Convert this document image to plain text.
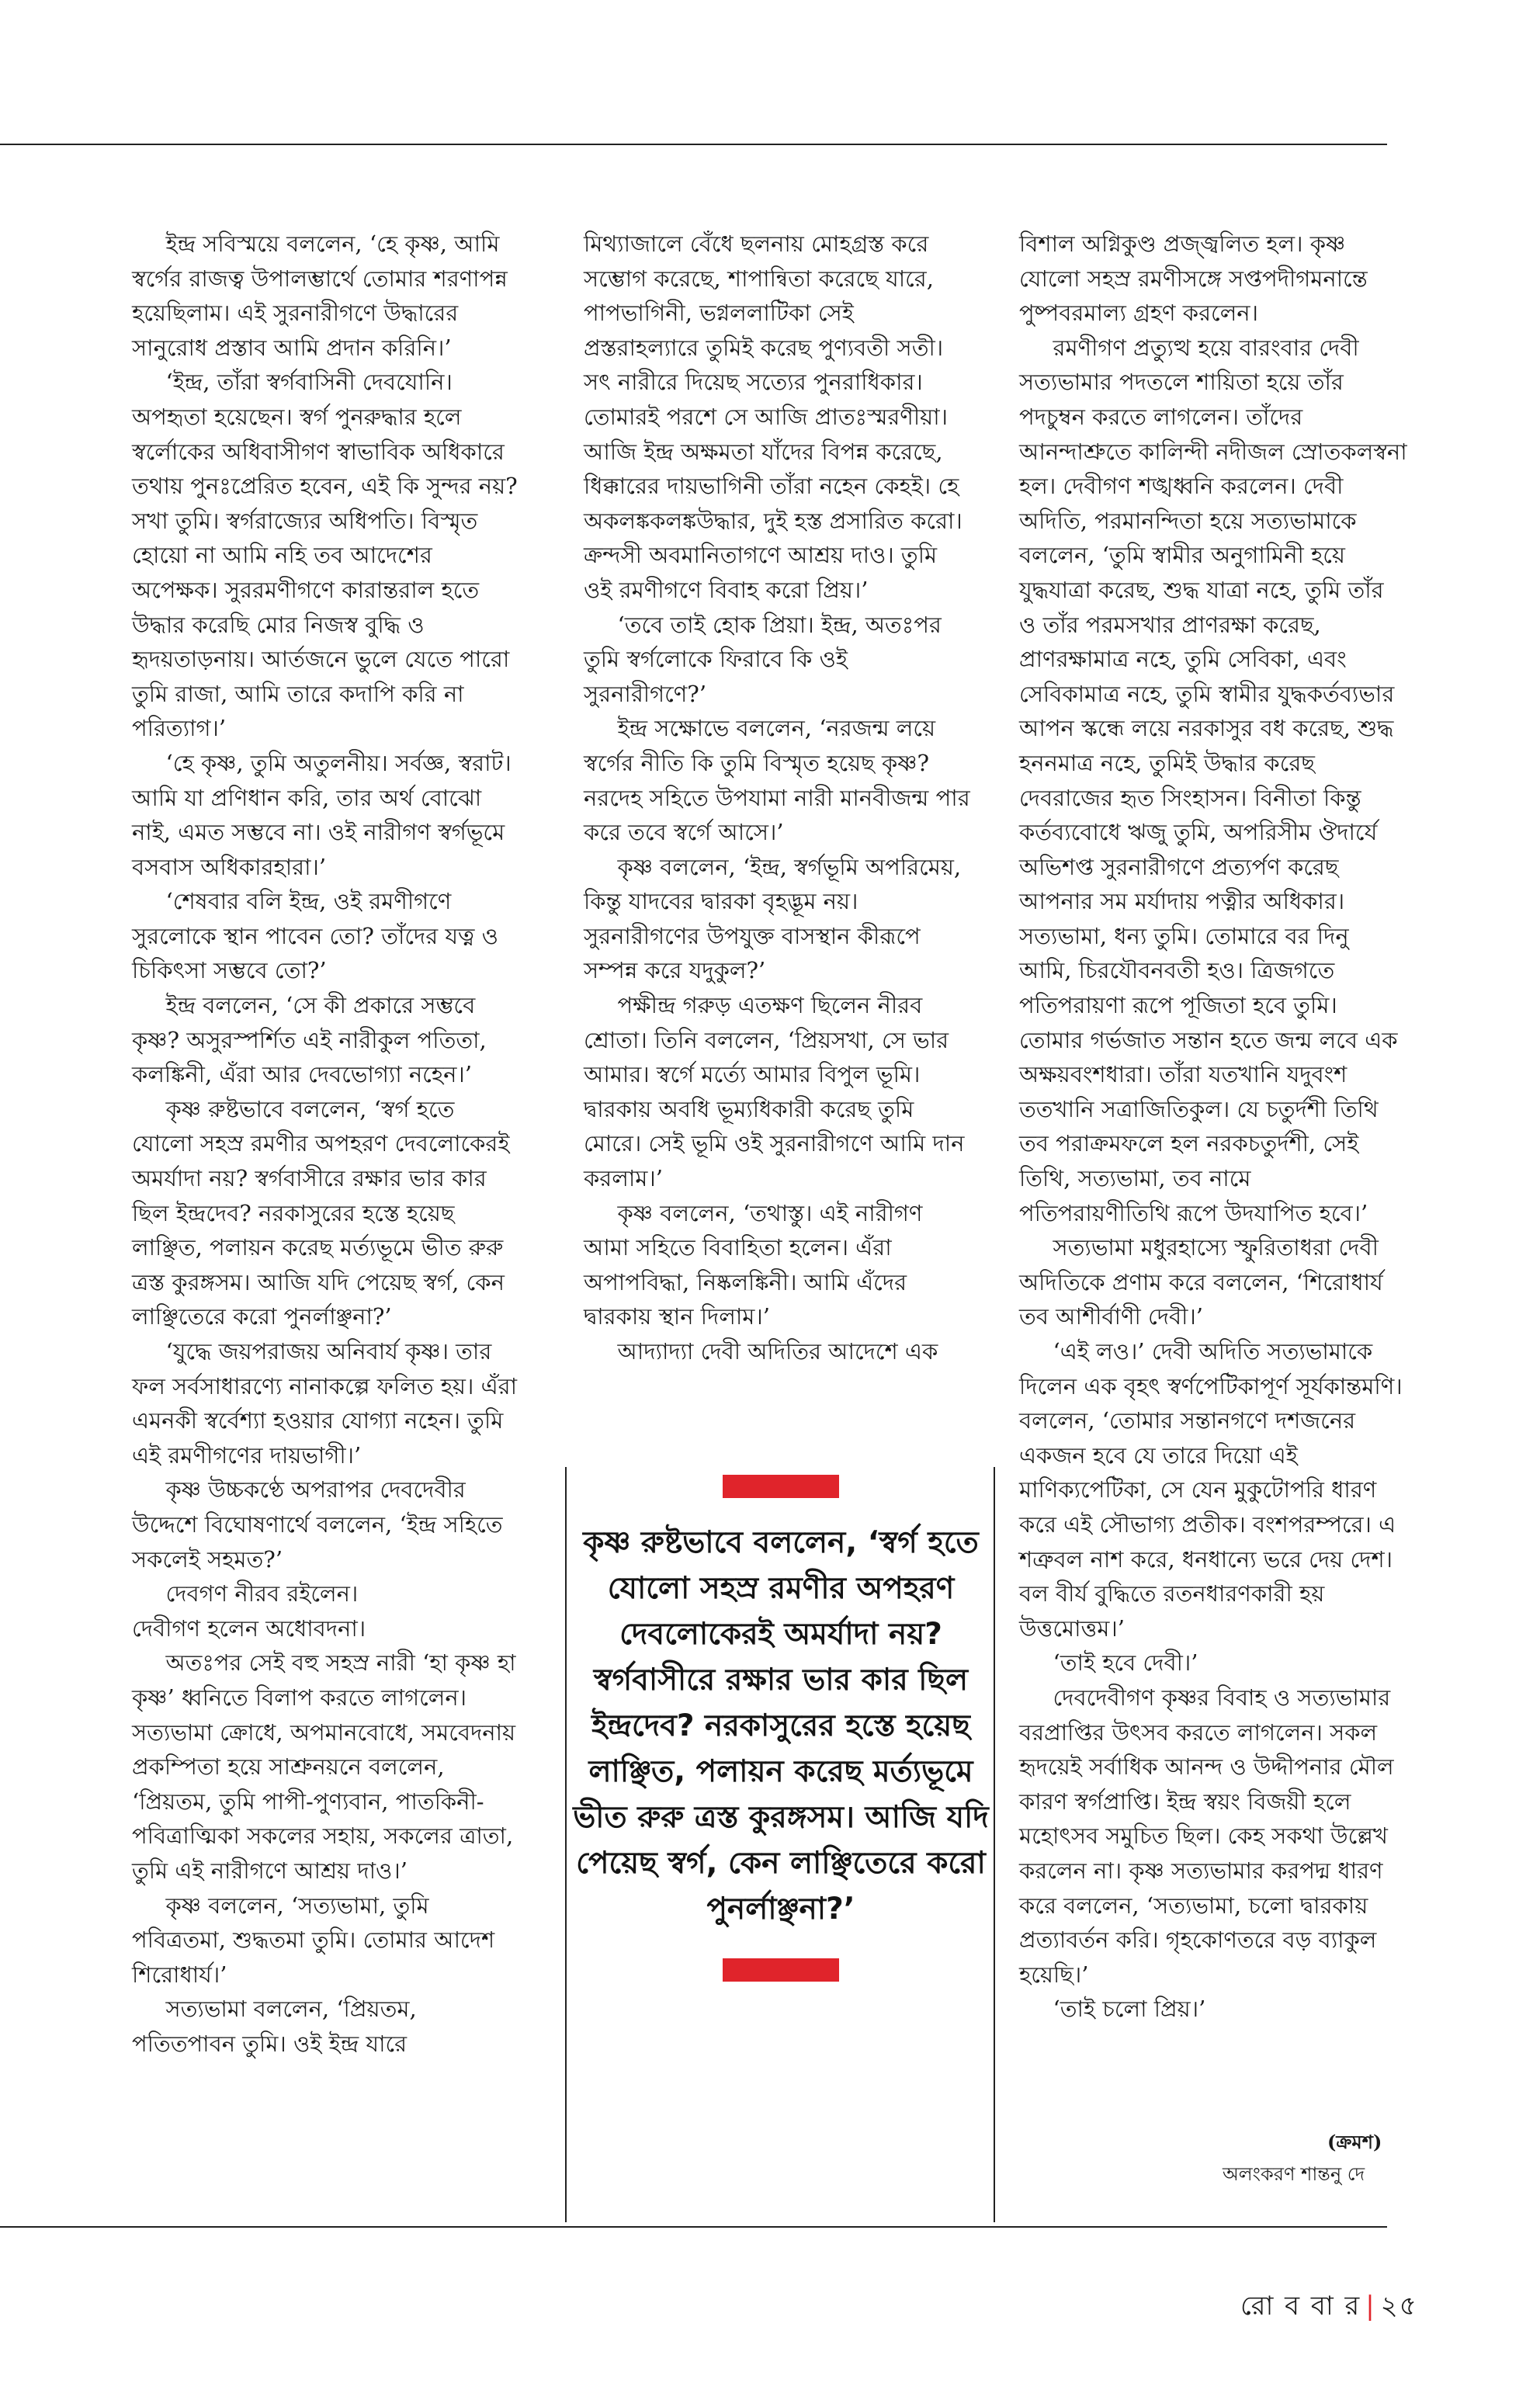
ইন্দ্র সবিস্ময়ে বললেন, ‘হে কৃষ্ণ, আমি স্বর্গের রাজত্ব উপালম্ভার্থে তোমার শরণাপন্ন হয়েছিলাম। এই সুরনারীগণে উদ্ধারের সানুরোধ প্রস্তাব আমি প্রদান করিনি।’

‘ইন্দ্র, তাঁরা স্বর্গবাসিনী দেবযোনি। অপহৃতা হয়েছেন। স্বর্গ পুনরুদ্ধার হলে স্বর্লোকের অধিবাসীগণ স্বাভাবিক অধিকারে তথায় পুনঃপ্রেরিত হবেন, এই কি সুন্দর নয়? সখা তুমি। স্বর্গরাজ্যের অধিপতি। বিস্মৃত হোয়ো না আমি নহি তব আদেশের অপেক্ষক। সুররমণীগণে কারান্তরাল হতে উদ্ধার করেছি মোর নিজস্ব বুদ্ধি ও হৃদয়তাড়নায়। আর্তজনে ভুলে যেতে পারো তুমি রাজা, আমি তারে কদাপি করি না পরিত্যাগ।’

‘হে কৃষ্ণ, তুমি অতুলনীয়। সর্বজ্ঞ, স্বরাট। আমি যা প্রণিধান করি, তার অর্থ বোঝো নাই, এমত সম্ভবে না। ওই নারীগণ স্বর্গভূমে বসবাস অধিকারহারা।’

‘শেষবার বলি ইন্দ্র, ওই রমণীগণে সুরলোকে স্থান পাবেন তো? তাঁদের যত্ন ও চিকিৎসা সম্ভবে তো?’

ইন্দ্র বললেন, ‘সে কী প্রকারে সম্ভবে কৃষ্ণ? অসুরস্পর্শিত এই নারীকুল পতিতা, কলঙ্কিনী, এঁরা আর দেবভোগ্যা নহেন।’

কৃষ্ণ রুষ্টভাবে বললেন, ‘স্বর্গ হতে যোলো সহস্র রমণীর অপহরণ দেবলোকেরই অমর্যাদা নয়? স্বর্গবাসীরে রক্ষার ভার কার ছিল ইন্দ্রদেব? নরকাসুরের হস্তে হয়েছ লাঞ্ছিত, পলায়ন করেছ মর্ত্যভূমে ভীত রুরু ত্রস্ত কুরঙ্গসম। আজি যদি পেয়েছ স্বর্গ, কেন লাঞ্ছিতেরে করো পুনর্লাঞ্ছনা?’

‘যুদ্ধে জয়পরাজয় অনিবার্য কৃষ্ণ। তার ফল সর্বসাধারণ্যে নানাকল্পে ফলিত হয়। এঁরা এমনকী স্বর্বেশ্যা হওয়ার যোগ্যা নহেন। তুমি এই রমণীগণের দায়ভাগী।’

কৃষ্ণ উচ্চকণ্ঠে অপরাপর দেবদেবীর উদ্দেশে বিঘোষণার্থে বললেন, ‘ইন্দ্র সহিতে সকলেই সহমত?’

দেবগণ নীরব রইলেন।

দেবীগণ হলেন অধোবদনা।

অতঃপর সেই বহু সহস্র নারী ‘হা কৃষ্ণ হা কৃষ্ণ’ ধ্বনিতে বিলাপ করতে লাগলেন। সত্যভামা ক্রোধে, অপমানবোধে, সমবেদনায় প্রকম্পিতা হয়ে সাশ্রুনয়নে বললেন, ‘প্রিয়তম, তুমি পাপী-পুণ্যবান, পাতকিনী-পবিত্রাত্মিকা সকলের সহায়, সকলের ত্রাতা, তুমি এই নারীগণে আশ্রয় দাও।’

কৃষ্ণ বললেন, ‘সত্যভামা, তুমি পবিত্রতমা, শুদ্ধতমা তুমি। তোমার আদেশ শিরোধার্য।’

সত্যভামা বললেন, ‘প্রিয়তম, পতিতপাবন তুমি। ওই ইন্দ্র যারে

মিথ্যাজালে বেঁধে ছলনায় মোহগ্রস্ত করে সম্ভোগ করেছে, শাপান্বিতা করেছে যারে, পাপভাগিনী, ভগ্নললাটিকা সেই প্রস্তরাহল্যারে তুমিই করেছ পুণ্যবতী সতী। সৎ নারীরে দিয়েছ সত্যের পুনরাধিকার। তোমারই পরশে সে আজি প্রাতঃস্মরণীয়া। আজি ইন্দ্র অক্ষমতা যাঁদের বিপন্ন করেছে, ধিক্কারের দায়ভাগিনী তাঁরা নহেন কেহই। হে অকলঙ্ককলঙ্কউদ্ধার, দুই হস্ত প্রসারিত করো। ক্রন্দসী অবমানিতাগণে আশ্রয় দাও। তুমি ওই রমণীগণে বিবাহ করো প্রিয়।’

‘তবে তাই হোক প্রিয়া। ইন্দ্র, অতঃপর তুমি স্বর্গলোকে ফিরাবে কি ওই সুরনারীগণে?’

ইন্দ্র সক্ষোভে বললেন, ‘নরজন্ম লয়ে স্বর্গের নীতি কি তুমি বিস্মৃত হয়েছ কৃষ্ণ? নরদেহ সহিতে উপযামা নারী মানবীজন্ম পার করে তবে স্বর্গে আসে।’

কৃষ্ণ বললেন, ‘ইন্দ্র, স্বর্গভূমি অপরিমেয়, কিন্তু যাদবের দ্বারকা বৃহদ্ভূম নয়। সুরনারীগণের উপযুক্ত বাসস্থান কীরূপে সম্পন্ন করে যদুকুল?’

পক্ষীন্দ্র গরুড় এতক্ষণ ছিলেন নীরব শ্রোতা। তিনি বললেন, ‘প্রিয়সখা, সে ভার আমার। স্বর্গে মর্ত্যে আমার বিপুল ভূমি। দ্বারকায় অবধি ভূম্যধিকারী করেছ তুমি মোরে। সেই ভূমি ওই সুরনারীগণে আমি দান করলাম।’

কৃষ্ণ বললেন, ‘তথাস্তু। এই নারীগণ আমা সহিতে বিবাহিতা হলেন। এঁরা অপাপবিদ্ধা, নিষ্কলঙ্কিনী। আমি এঁদের দ্বারকায় স্থান দিলাম।’

আদ্যাদ্যা দেবী অদিতির আদেশে এক

বিশাল অগ্নিকুণ্ড প্রজ্জ্বলিত হল। কৃষ্ণ যোলো সহস্র রমণীসঙ্গে সপ্তপদীগমনান্তে পুষ্পবরমাল্য গ্রহণ করলেন।

রমণীগণ প্রত্যুত্থ হয়ে বারংবার দেবী সত্যভামার পদতলে শায়িতা হয়ে তাঁর পদচুম্বন করতে লাগলেন। তাঁদের আনন্দাশ্রুতে কালিন্দী নদীজল স্রোতকলস্বনা হল। দেবীগণ শঙ্খধ্বনি করলেন। দেবী অদিতি, পরমানন্দিতা হয়ে সত্যভামাকে বললেন, ‘তুমি স্বামীর অনুগামিনী হয়ে যুদ্ধযাত্রা করেছ, শুদ্ধ যাত্রা নহে, তুমি তাঁর ও তাঁর পরমসখার প্রাণরক্ষা করেছ, প্রাণরক্ষামাত্র নহে, তুমি সেবিকা, এবং সেবিকামাত্র নহে, তুমি স্বামীর যুদ্ধকর্তব্যভার আপন স্কন্ধে লয়ে নরকাসুর বধ করেছ, শুদ্ধ হননমাত্র নহে, তুমিই উদ্ধার করেছ দেবরাজের হৃত সিংহাসন। বিনীতা কিন্তু কর্তব্যবোধে ঋজু তুমি, অপরিসীম ঔদার্যে অভিশপ্ত সুরনারীগণে প্রত্যর্পণ করেছ আপনার সম মর্যাদায় পত্নীর অধিকার। সত্যভামা, ধন্য তুমি। তোমারে বর দিনু আমি, চিরযৌবনবতী হও। ত্রিজগতে পতিপরায়ণা রূপে পূজিতা হবে তুমি। তোমার গর্ভজাত সন্তান হতে জন্ম লবে এক অক্ষয়বংশধারা। তাঁরা যতখানি যদুবংশ ততখানি সত্রাজিতিকুল। যে চতুর্দশী তিথি তব পরাক্রমফলে হল নরকচতুর্দশী, সেই তিথি, সত্যভামা, তব নামে পতিপরায়ণীতিথি রূপে উদযাপিত হবে।’

সত্যভামা মধুরহাস্যে স্ফুরিতাধরা দেবী অদিতিকে প্রণাম করে বললেন, ‘শিরোধার্য তব আশীর্বাণী দেবী।’

‘এই লও।’ দেবী অদিতি সত্যভামাকে দিলেন এক বৃহৎ স্বর্ণপেটিকাপূর্ণ সূর্যকান্তমণি। বললেন, ‘তোমার সন্তানগণে দশজনের একজন হবে যে তারে দিয়ো এই মাণিক্যপেটিকা, সে যেন মুকুটোপরি ধারণ করে এই সৌভাগ্য প্রতীক। বংশপরম্পরে। এ শত্রুবল নাশ করে, ধনধান্যে ভরে দেয় দেশ। বল বীর্য বুদ্ধিতে রতনধারণকারী হয় উত্তমোত্তম।’

‘তাই হবে দেবী।’

দেবদেবীগণ কৃষ্ণর বিবাহ ও সত্যভামার বরপ্রাপ্তির উৎসব করতে লাগলেন। সকল হৃদয়েই সর্বাধিক আনন্দ ও উদ্দীপনার মৌল কারণ স্বর্গপ্রাপ্তি। ইন্দ্র স্বয়ং বিজয়ী হলে মহোৎসব সমুচিত ছিল। কেহ সকথা উল্লেখ করলেন না। কৃষ্ণ সত্যভামার করপদ্ম ধারণ করে বললেন, ‘সত্যভামা, চলো দ্বারকায় প্রত্যাবর্তন করি। গৃহকোণতরে বড় ব্যাকুল হয়েছি।’

‘তাই চলো প্রিয়।’

কৃষ্ণ রুষ্টভাবে বললেন, ‘স্বর্গ হতে যোলো সহস্র রমণীর অপহরণ দেবলোকেরই অমর্যাদা নয়? স্বর্গবাসীরে রক্ষার ভার কার ছিল ইন্দ্রদেব? নরকাসুরের হস্তে হয়েছ লাঞ্ছিত, পলায়ন করেছ মর্ত্যভূমে ভীত রুরু ত্রস্ত কুরঙ্গসম। আজি যদি পেয়েছ স্বর্গ, কেন লাঞ্ছিতেরে করো পুনর্লাঞ্ছনা?’
(ক্রমশ)
অলংকরণ শান্তনু দে
রো ব বা র | ২৫
